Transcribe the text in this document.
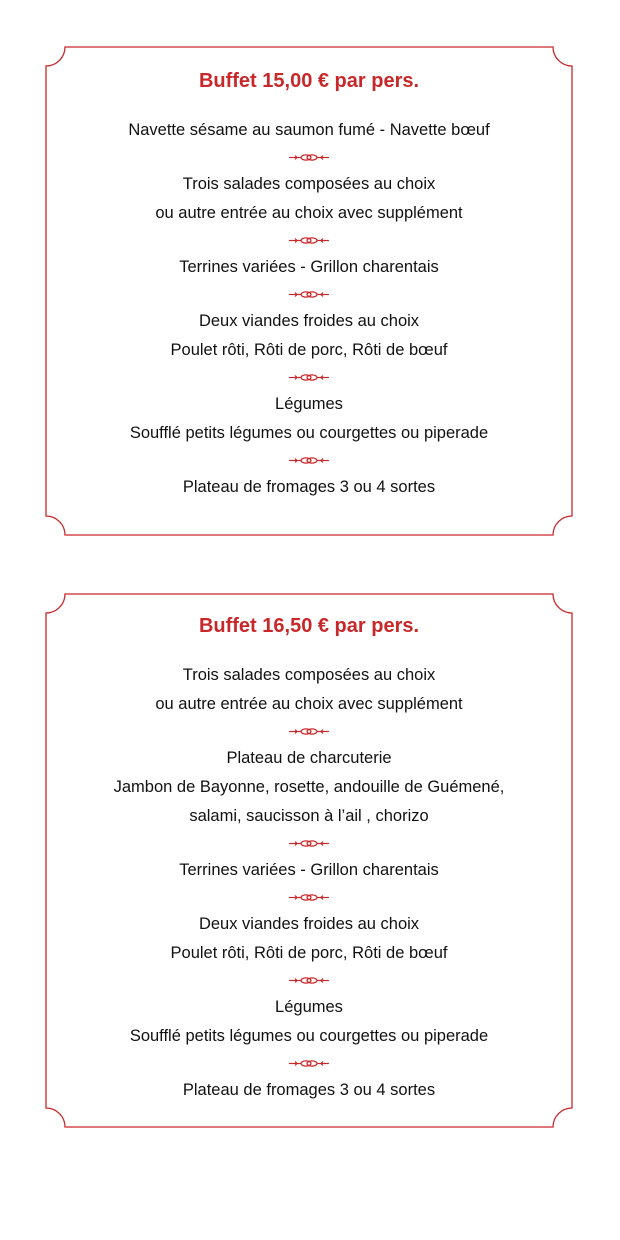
Buffet 15,00 € par pers.
Navette sésame au saumon fumé - Navette bœuf
Trois salades composées au choix
ou autre entrée au choix avec supplément
Terrines variées - Grillon charentais
Deux viandes froides au choix
Poulet rôti, Rôti de porc, Rôti de bœuf
Légumes
Soufflé petits légumes ou courgettes ou piperade
Plateau de fromages 3 ou 4 sortes
Buffet 16,50 € par pers.
Trois salades composées au choix
ou autre entrée au choix avec supplément
Plateau de charcuterie
Jambon de Bayonne, rosette, andouille de Guémené,
salami, saucisson à l’ail , chorizo
Terrines variées - Grillon charentais
Deux viandes froides au choix
Poulet rôti, Rôti de porc, Rôti de bœuf
Légumes
Soufflé petits légumes ou courgettes ou piperade
Plateau de fromages 3 ou 4 sortes
